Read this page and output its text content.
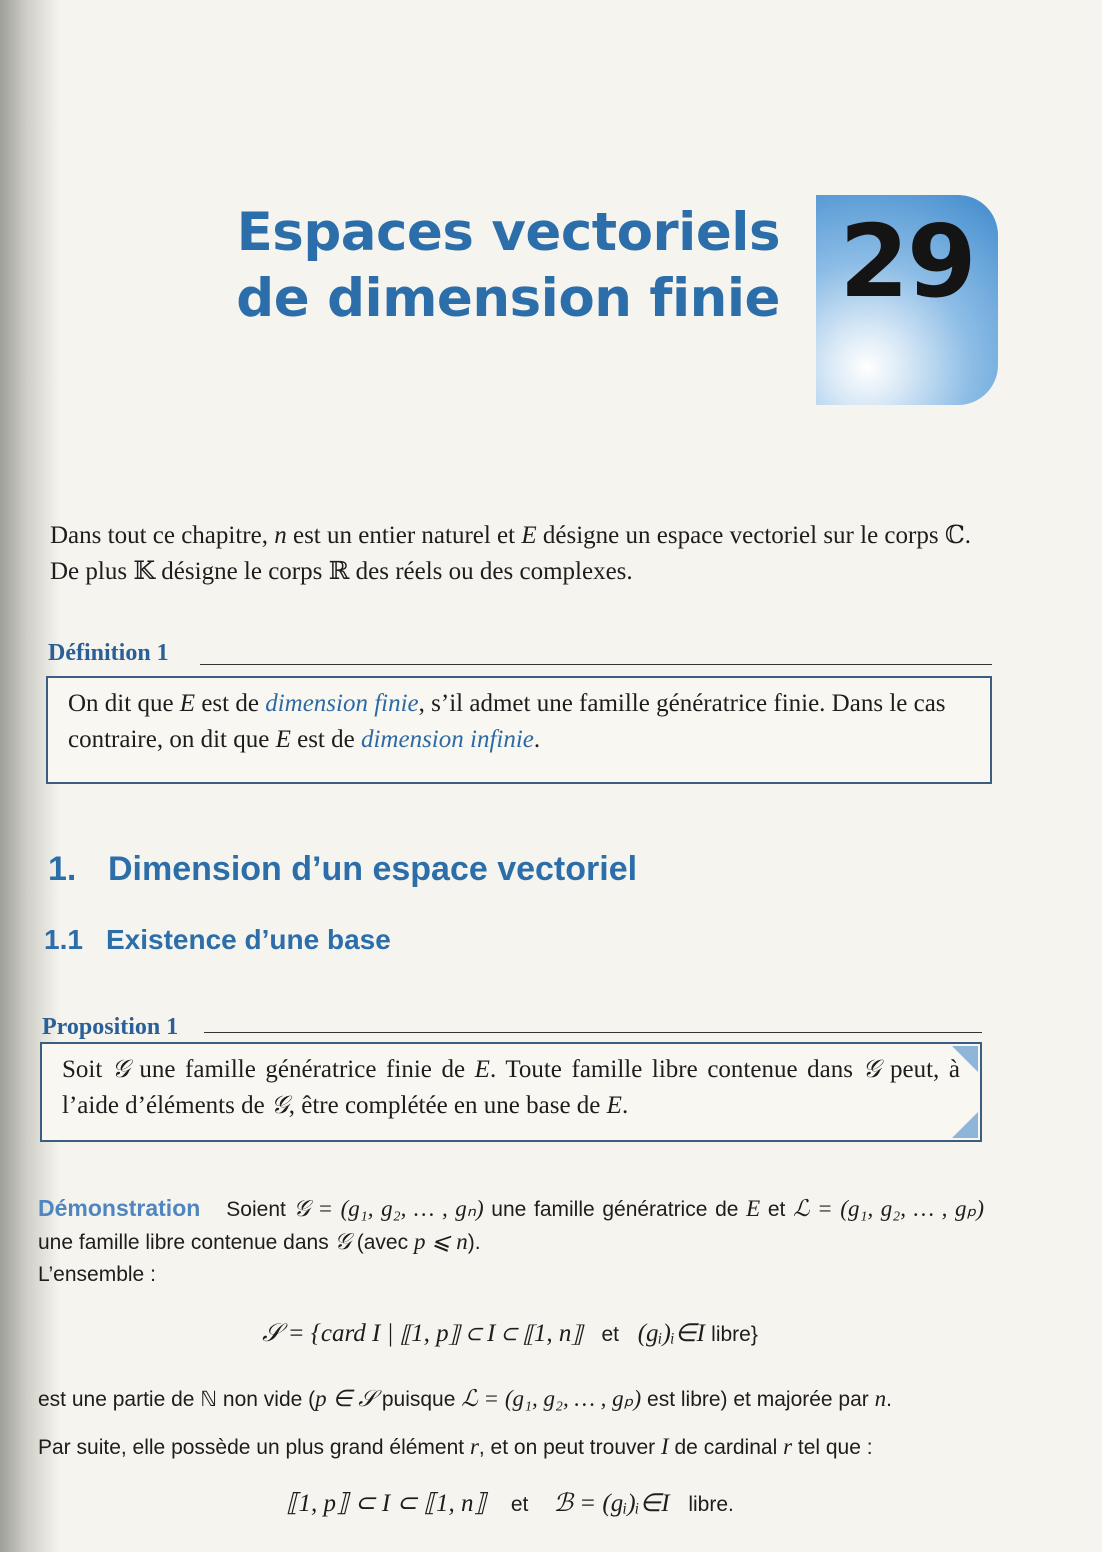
Espaces vectoriels
de dimension finie 29
Dans tout ce chapitre, n est un entier naturel et E désigne un espace vectoriel sur le corps ℂ. De plus 𝕂 désigne le corps ℝ des réels ou des complexes.
Définition 1
On dit que E est de dimension finie, s’il admet une famille génératrice finie. Dans le cas contraire, on dit que E est de dimension infinie.
1. Dimension d’un espace vectoriel
1.1 Existence d’une base
Proposition 1
Soit 𝒢 une famille génératrice finie de E. Toute famille libre contenue dans 𝒢 peut, à l’aide d’éléments de 𝒢, être complétée en une base de E.
Démonstration Soient 𝒢 = (g₁, g₂, … , gₙ) une famille génératrice de E et ℒ = (g₁, g₂, … , gₚ) une famille libre contenue dans 𝒢 (avec p ⩽ n).
L’ensemble :
𝒮 = {card I | ⟦1, p⟧ ⊂ I ⊂ ⟦1, n⟧ et (gᵢ)ᵢ∈I libre}
est une partie de ℕ non vide (p ∈ 𝒮 puisque ℒ = (g₁, g₂, … , gₚ) est libre) et majorée par n.
Par suite, elle possède un plus grand élément r, et on peut trouver I de cardinal r tel que :
⟦1, p⟧ ⊂ I ⊂ ⟦1, n⟧ et ℬ = (gᵢ)ᵢ∈I libre.
